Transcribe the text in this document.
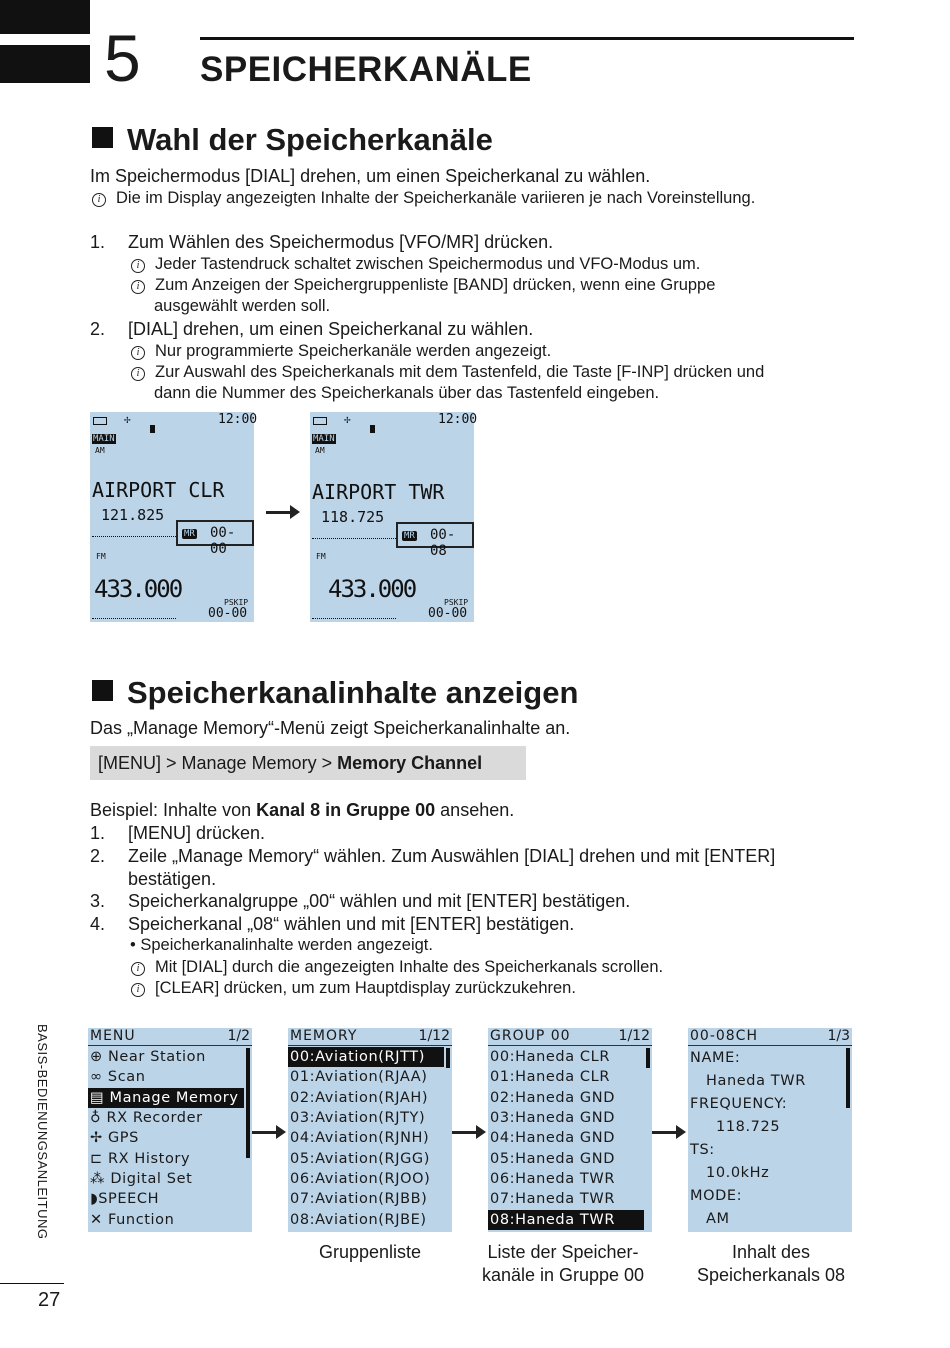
5 SPEICHERKANÄLE
Wahl der Speicherkanäle
Im Speichermodus [DIAL] drehen, um einen Speicherkanal zu wählen.
i Die im Display angezeigten Inhalte der Speicherkanäle variieren je nach Voreinstellung.
1. Zum Wählen des Speichermodus [VFO/MR] drücken.
i Jeder Tastendruck schaltet zwischen Speichermodus und VFO-Modus um.
i Zum Anzeigen der Speichergruppenliste [BAND] drücken, wenn eine Gruppe
ausgewählt werden soll.
2. [DIAL] drehen, um einen Speicherkanal zu wählen.
i Nur programmierte Speicherkanäle werden angezeigt.
i Zur Auswahl des Speicherkanals mit dem Tastenfeld, die Taste [F-INP] drücken und
dann die Nummer des Speicherkanals über das Tastenfeld eingeben.
✢	12:00
MAIN
AM
AIRPORT CLR
121.825
MR 00-00
FM
433.000	PSKIP
00-00
✢	12:00
MAIN
AM
AIRPORT TWR
118.725
MR 00-08
FM
433.000	PSKIP
00-00
Speicherkanalinhalte anzeigen
Das „Manage Memory“-Menü zeigt Speicherkanalinhalte an.
[MENU] > Manage Memory > Memory Channel
Beispiel: Inhalte von Kanal 8 in Gruppe 00 ansehen.
1. [MENU] drücken.
2. Zeile „Manage Memory“ wählen. Zum Auswählen [DIAL] drehen und mit [ENTER]
bestätigen.
3. Speicherkanalgruppe „00“ wählen und mit [ENTER] bestätigen.
4. Speicherkanal „08“ wählen und mit [ENTER] bestätigen.
• Speicherkanalinhalte werden angezeigt.
i Mit [DIAL] durch die angezeigten Inhalte des Speicherkanals scrollen.
i [CLEAR] drücken, um zum Hauptdisplay zurückzukehren.
MENU	1/2
⊕ Near Station
∞ Scan
▤ Manage Memory
♁ RX Recorder
✢ GPS
⊏ RX History
⁂ Digital Set
◗SPEECH
✕ Function
MEMORY	1/12
00:Aviation(RJTT)
01:Aviation(RJAA)
02:Aviation(RJAH)
03:Aviation(RJTY)
04:Aviation(RJNH)
05:Aviation(RJGG)
06:Aviation(RJOO)
07:Aviation(RJBB)
08:Aviation(RJBE)
GROUP 00	1/12
00:Haneda CLR
01:Haneda CLR
02:Haneda GND
03:Haneda GND
04:Haneda GND
05:Haneda GND
06:Haneda TWR
07:Haneda TWR
08:Haneda TWR
00-08CH	1/3
NAME:
Haneda TWR
FREQUENCY:
118.725
TS:
10.0kHz
MODE:
AM
Gruppenliste	Liste der Speicher-
kanäle in Gruppe 00
Inhalt des
Speicherkanals 08
BASIS-BEDIENUNGSANLEITUNG
27
